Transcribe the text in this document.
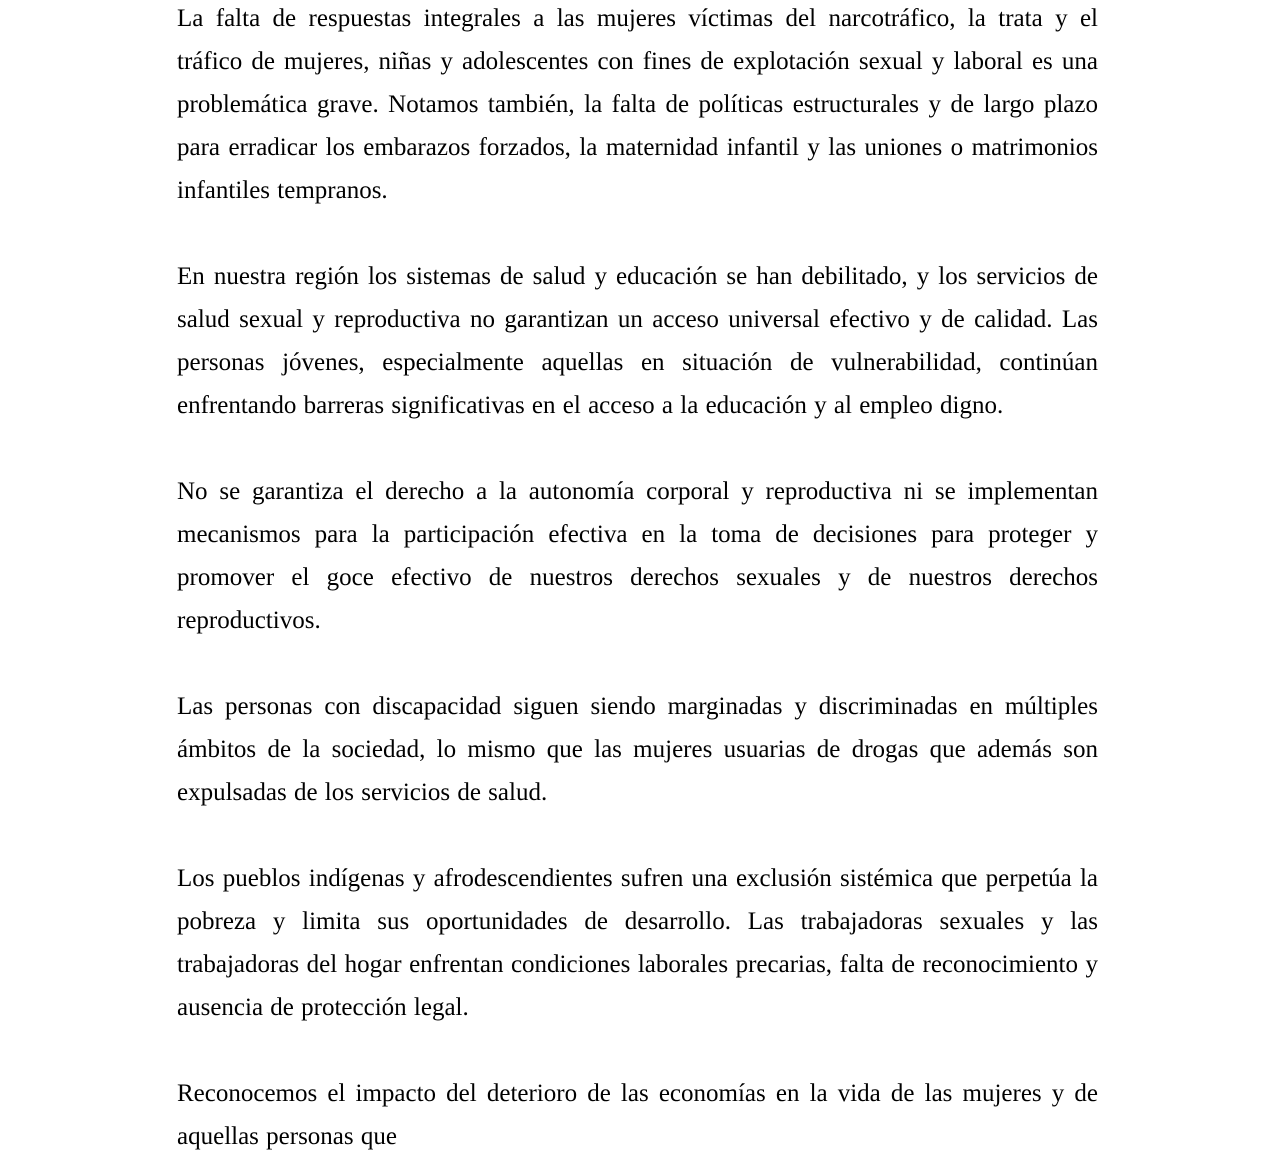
La falta de respuestas integrales a las mujeres víctimas del narcotráfico, la trata y el tráfico de mujeres, niñas y adolescentes con fines de explotación sexual y laboral es una problemática grave. Notamos también, la falta de políticas estructurales y de largo plazo para erradicar los embarazos forzados, la maternidad infantil y las uniones o matrimonios infantiles tempranos.

En nuestra región los sistemas de salud y educación se han debilitado, y los servicios de salud sexual y reproductiva no garantizan un acceso universal efectivo y de calidad. Las personas jóvenes, especialmente aquellas en situación de vulnerabilidad, continúan enfrentando barreras significativas en el acceso a la educación y al empleo digno.

No se garantiza el derecho a la autonomía corporal y reproductiva ni se implementan mecanismos para la participación efectiva en la toma de decisiones para proteger y promover el goce efectivo de nuestros derechos sexuales y de nuestros derechos reproductivos.

Las personas con discapacidad siguen siendo marginadas y discriminadas en múltiples ámbitos de la sociedad, lo mismo que las mujeres usuarias de drogas que además son expulsadas de los servicios de salud.

Los pueblos indígenas y afrodescendientes sufren una exclusión sistémica que perpetúa la pobreza y limita sus oportunidades de desarrollo. Las trabajadoras sexuales y las trabajadoras del hogar enfrentan condiciones laborales precarias, falta de reconocimiento y ausencia de protección legal.

Reconocemos el impacto del deterioro de las economías en la vida de las mujeres y de aquellas personas que
